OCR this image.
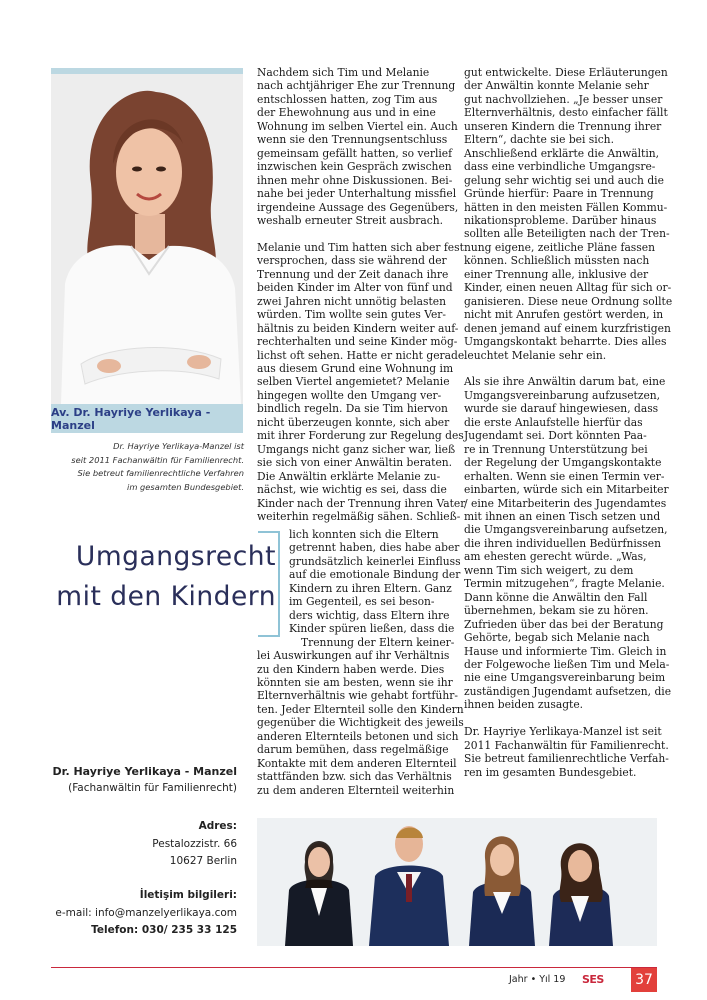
Av. Dr. Hayriye Yerlikaya - Manzel
Dr. Hayriye Yerlikaya-Manzel ist
seit 2011 Fachanwältin für Familienrecht.
Sie betreut familienrechtliche Verfahren
im gesamten Bundesgebiet.
Umgangsrecht
mit den Kindern
Dr. Hayriye Yerlikaya - Manzel
(Fachanwältin für Familienrecht)
Adres:
Pestalozzistr. 66
10627 Berlin
İletişim bilgileri:
e-mail: info@manzelyerlikaya.com
Telefon: 030/ 235 33 125
Nachdem sich Tim und Melanie
nach achtjähriger Ehe zur Trennung
entschlossen hatten, zog Tim aus
der Ehewohnung aus und in eine
Wohnung im selben Viertel ein. Auch
wenn sie den Trennungsentschluss
gemeinsam gefällt hatten, so verlief
inzwischen kein Gespräch zwischen
ihnen mehr ohne Diskussionen. Bei-
nahe bei jeder Unterhaltung missfiel
irgendeine Aussage des Gegenübers,
weshalb erneuter Streit ausbrach.
Melanie und Tim hatten sich aber fest
versprochen, dass sie während der
Trennung und der Zeit danach ihre
beiden Kinder im Alter von fünf und
zwei Jahren nicht unnötig belasten
würden. Tim wollte sein gutes Ver-
hältnis zu beiden Kindern weiter auf-
rechterhalten und seine Kinder mög-
lichst oft sehen. Hatte er nicht gerade
aus diesem Grund eine Wohnung im
selben Viertel angemietet? Melanie
hingegen wollte den Umgang ver-
bindlich regeln. Da sie Tim hiervon
nicht überzeugen konnte, sich aber
mit ihrer Forderung zur Regelung des
Umgangs nicht ganz sicher war, ließ
sie sich von einer Anwältin beraten.
Die Anwältin erklärte Melanie zu-
nächst, wie wichtig es sei, dass die
Kinder nach der Trennung ihren Vater
weiterhin regelmäßig sähen. Schließ-
lich konnten sich die Eltern
getrennt haben, dies habe aber
grundsätzlich keinerlei Einfluss
auf die emotionale Bindung der
Kindern zu ihren Eltern. Ganz
im Gegenteil, es sei beson-
ders wichtig, dass Eltern ihre
Kinder spüren ließen, dass die
Trennung der Eltern keiner-
lei Auswirkungen auf ihr Verhältnis
zu den Kindern haben werde. Dies
könnten sie am besten, wenn sie ihr
Elternverhältnis wie gehabt fortführ-
ten. Jeder Elternteil solle den Kindern
gegenüber die Wichtigkeit des jeweils
anderen Elternteils betonen und sich
darum bemühen, dass regelmäßige
Kontakte mit dem anderen Elternteil
stattfänden bzw. sich das Verhältnis
zu dem anderen Elternteil weiterhin
gut entwickelte. Diese Erläuterungen
der Anwältin konnte Melanie sehr
gut nachvollziehen. „Je besser unser
Elternverhältnis, desto einfacher fällt
unseren Kindern die Trennung ihrer
Eltern“, dachte sie bei sich.
Anschließend erklärte die Anwältin,
dass eine verbindliche Umgangsre-
gelung sehr wichtig sei und auch die
Gründe hierfür: Paare in Trennung
hätten in den meisten Fällen Kommu-
nikationsprobleme. Darüber hinaus
sollten alle Beteiligten nach der Tren-
nung eigene, zeitliche Pläne fassen
können. Schließlich müssten nach
einer Trennung alle, inklusive der
Kinder, einen neuen Alltag für sich or-
ganisieren. Diese neue Ordnung sollte
nicht mit Anrufen gestört werden, in
denen jemand auf einem kurzfristigen
Umgangskontakt beharrte. Dies alles
leuchtet Melanie sehr ein.
Als sie ihre Anwältin darum bat, eine
Umgangsvereinbarung aufzusetzen,
wurde sie darauf hingewiesen, dass
die erste Anlaufstelle hierfür das
Jugendamt sei. Dort könnten Paa-
re in Trennung Unterstützung bei
der Regelung der Umgangskontakte
erhalten. Wenn sie einen Termin ver-
einbarten, würde sich ein Mitarbeiter
/ eine Mitarbeiterin des Jugendamtes
mit ihnen an einen Tisch setzen und
die Umgangsvereinbarung aufsetzen,
die ihren individuellen Bedürfnissen
am ehesten gerecht würde. „Was,
wenn Tim sich weigert, zu dem
Termin mitzugehen“, fragte Melanie.
Dann könne die Anwältin den Fall
übernehmen, bekam sie zu hören.
Zufrieden über das bei der Beratung
Gehörte, begab sich Melanie nach
Hause und informierte Tim. Gleich in
der Folgewoche ließen Tim und Mela-
nie eine Umgangsvereinbarung beim
zuständigen Jugendamt aufsetzen, die
ihnen beiden zusagte.
Dr. Hayriye Yerlikaya-Manzel ist seit
2011 Fachanwältin für Familienrecht.
Sie betreut familienrechtliche Verfah-
ren im gesamten Bundesgebiet.
Jahr • Yıl 19 SES 37
